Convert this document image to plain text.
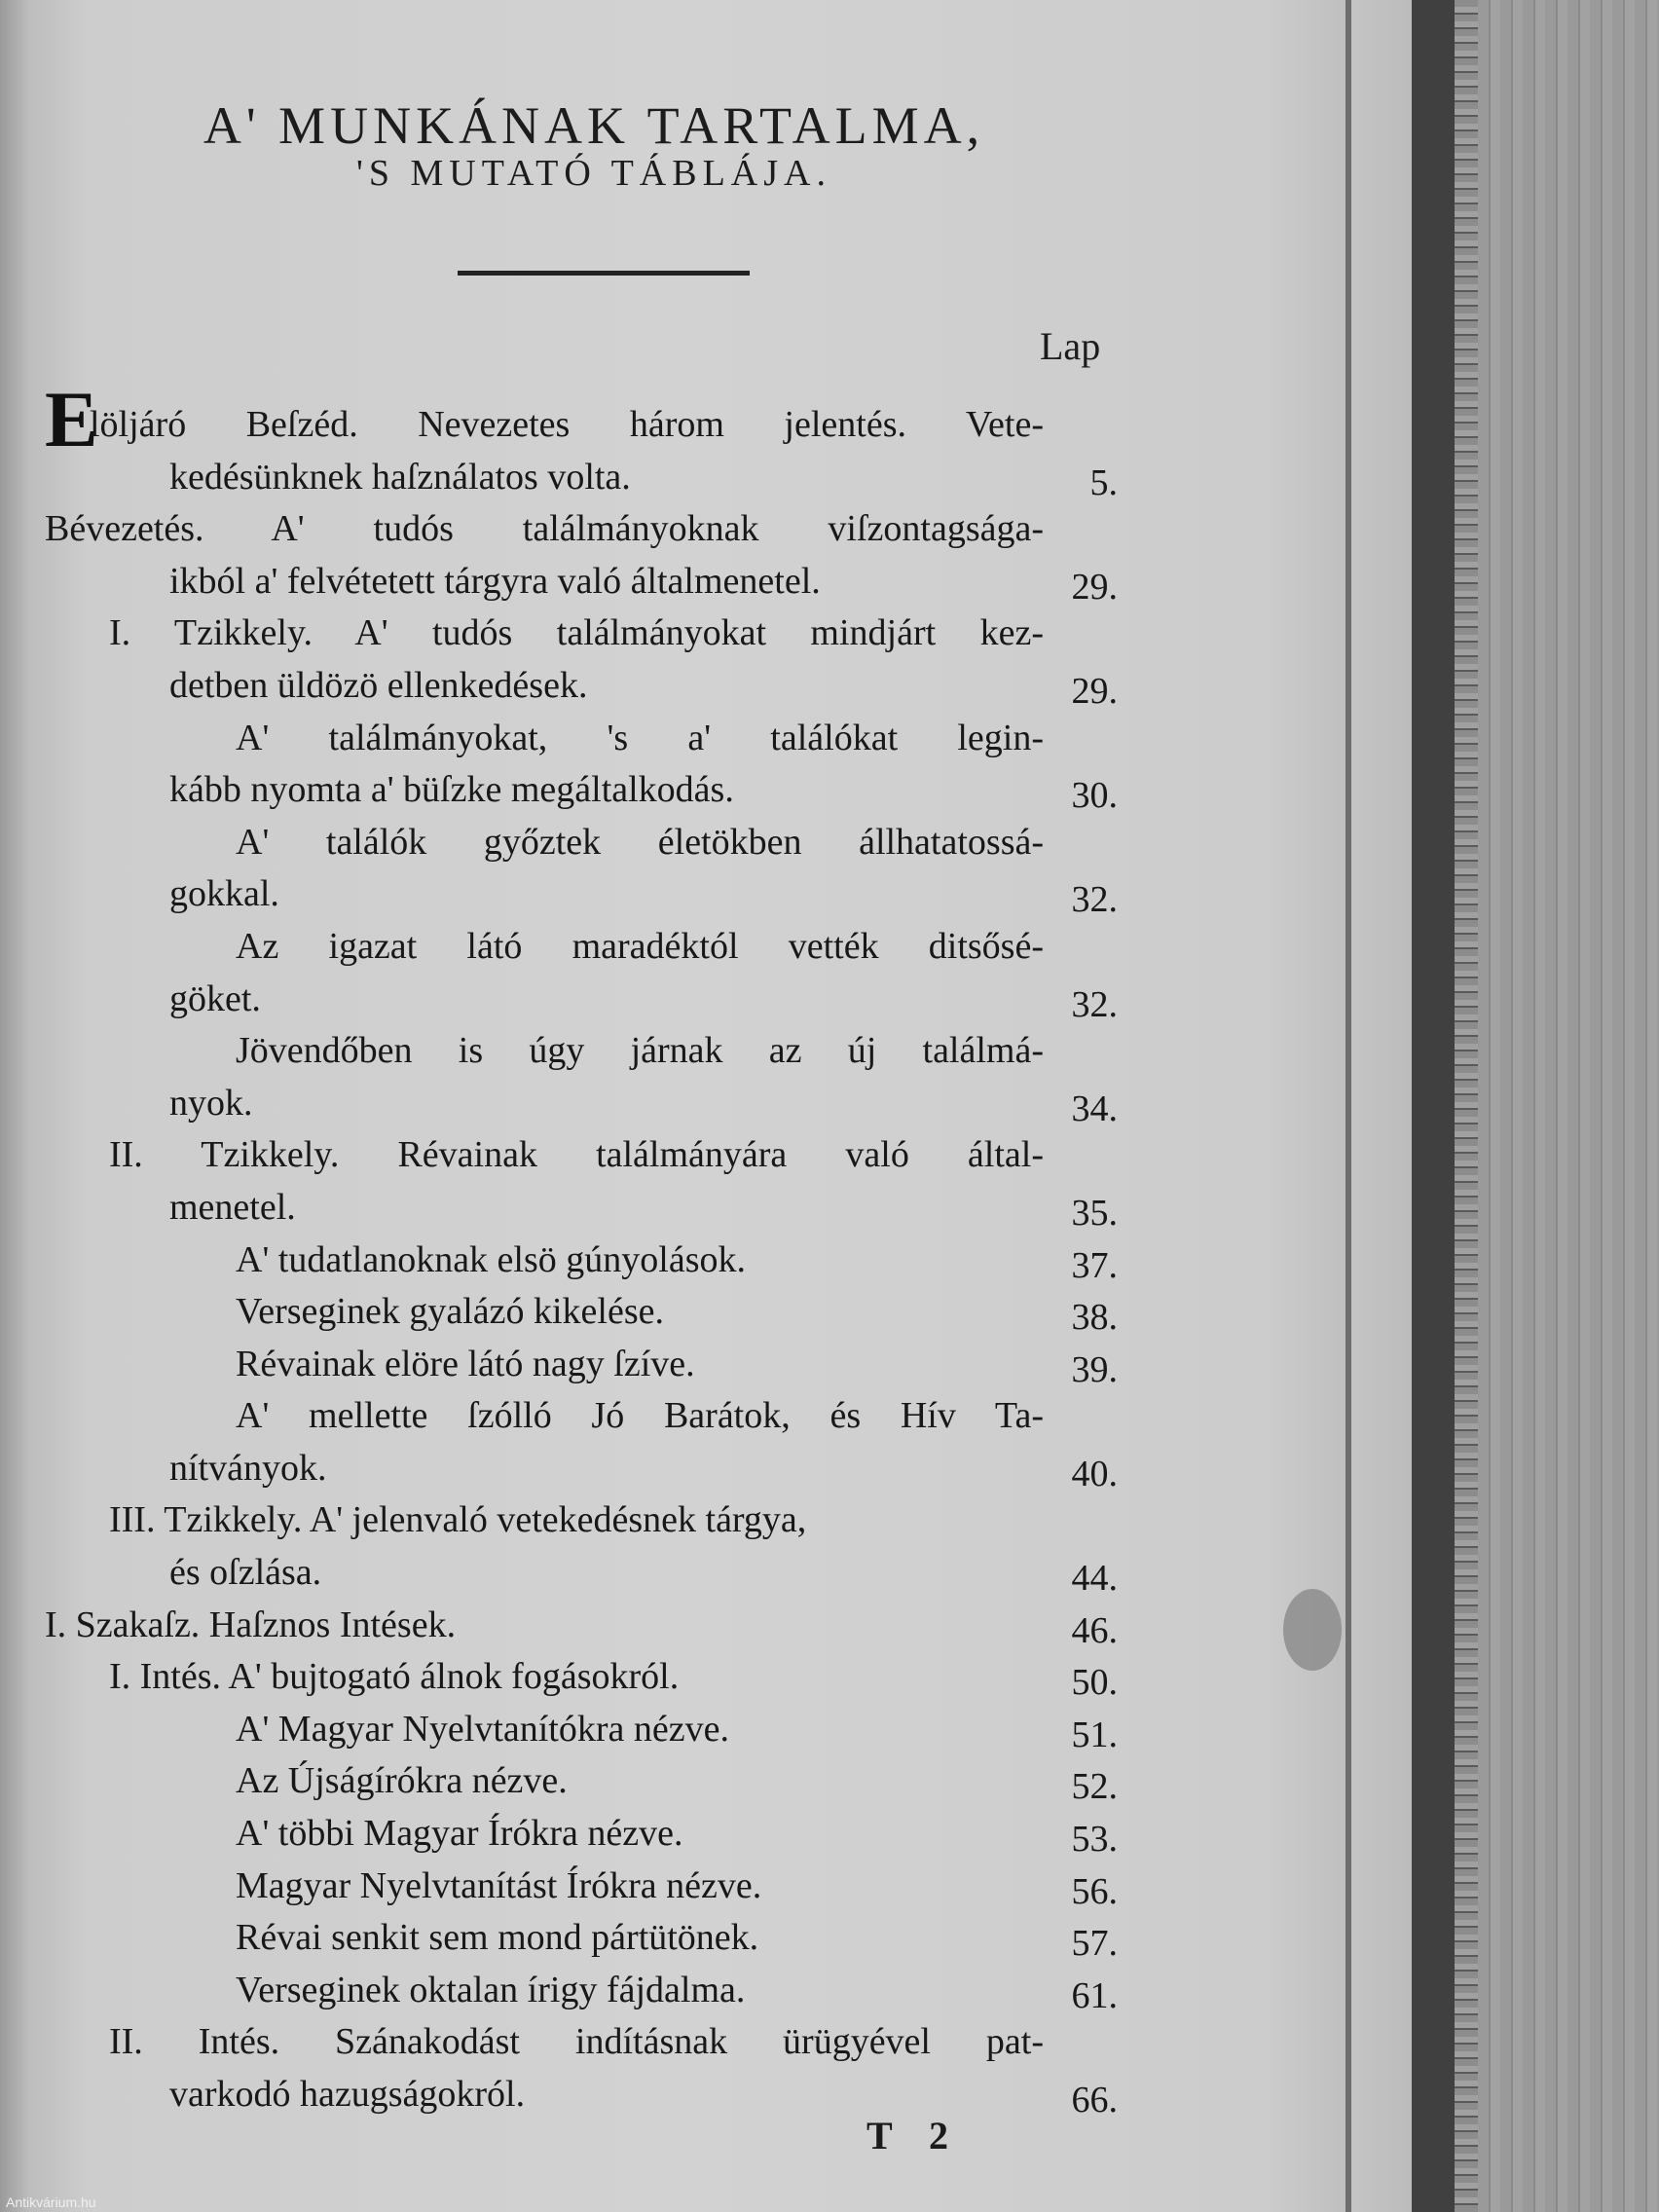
A' MUNKÁNAK TARTALMA,
'S MUTATÓ TÁBLÁJA.
Lap
E
löljáró Beſzéd. Nevezetes három jelentés. Vete-
kedésünknek haſználatos volta.	5.
Bévezetés. A' tudós találmányoknak viſzontagsága-
ikból a' felvétetett tárgyra való általmenetel.	29.
I. Tzikkely. A' tudós találmányokat mindjárt kez-
detben üldözö ellenkedések.	29.
A' találmányokat, 's a' találókat legin-
kább nyomta a' büſzke megáltalkodás.	30.
A' találók győztek életökben állhatatossá-
gokkal.	32.
Az igazat látó maradéktól vették ditsősé-
göket.	32.
Jövendőben is úgy járnak az új találmá-
nyok.	34.
II. Tzikkely. Révainak találmányára való által-
menetel.	35.
A' tudatlanoknak elsö gúnyolások.	37.
Verseginek gyalázó kikelése.	38.
Révainak elöre látó nagy ſzíve.	39.
A' mellette ſzólló Jó Barátok, és Hív Ta-
nítványok.	40.
III. Tzikkely. A' jelenvaló vetekedésnek tárgya,
és oſzlása.	44.
I. Szakaſz. Haſznos Intések.	46.
I. Intés. A' bujtogató álnok fogásokról.	50.
A' Magyar Nyelvtanítókra nézve.	51.
Az Újságírókra nézve.	52.
A' többi Magyar Írókra nézve.	53.
Magyar Nyelvtanítást Írókra nézve.	56.
Révai senkit sem mond pártütönek.	57.
Verseginek oktalan írigy fájdalma.	61.
II. Intés. Szánakodást indításnak ürügyével pat-
varkodó hazugságokról.	66.
T 2
Antikvárium.hu
